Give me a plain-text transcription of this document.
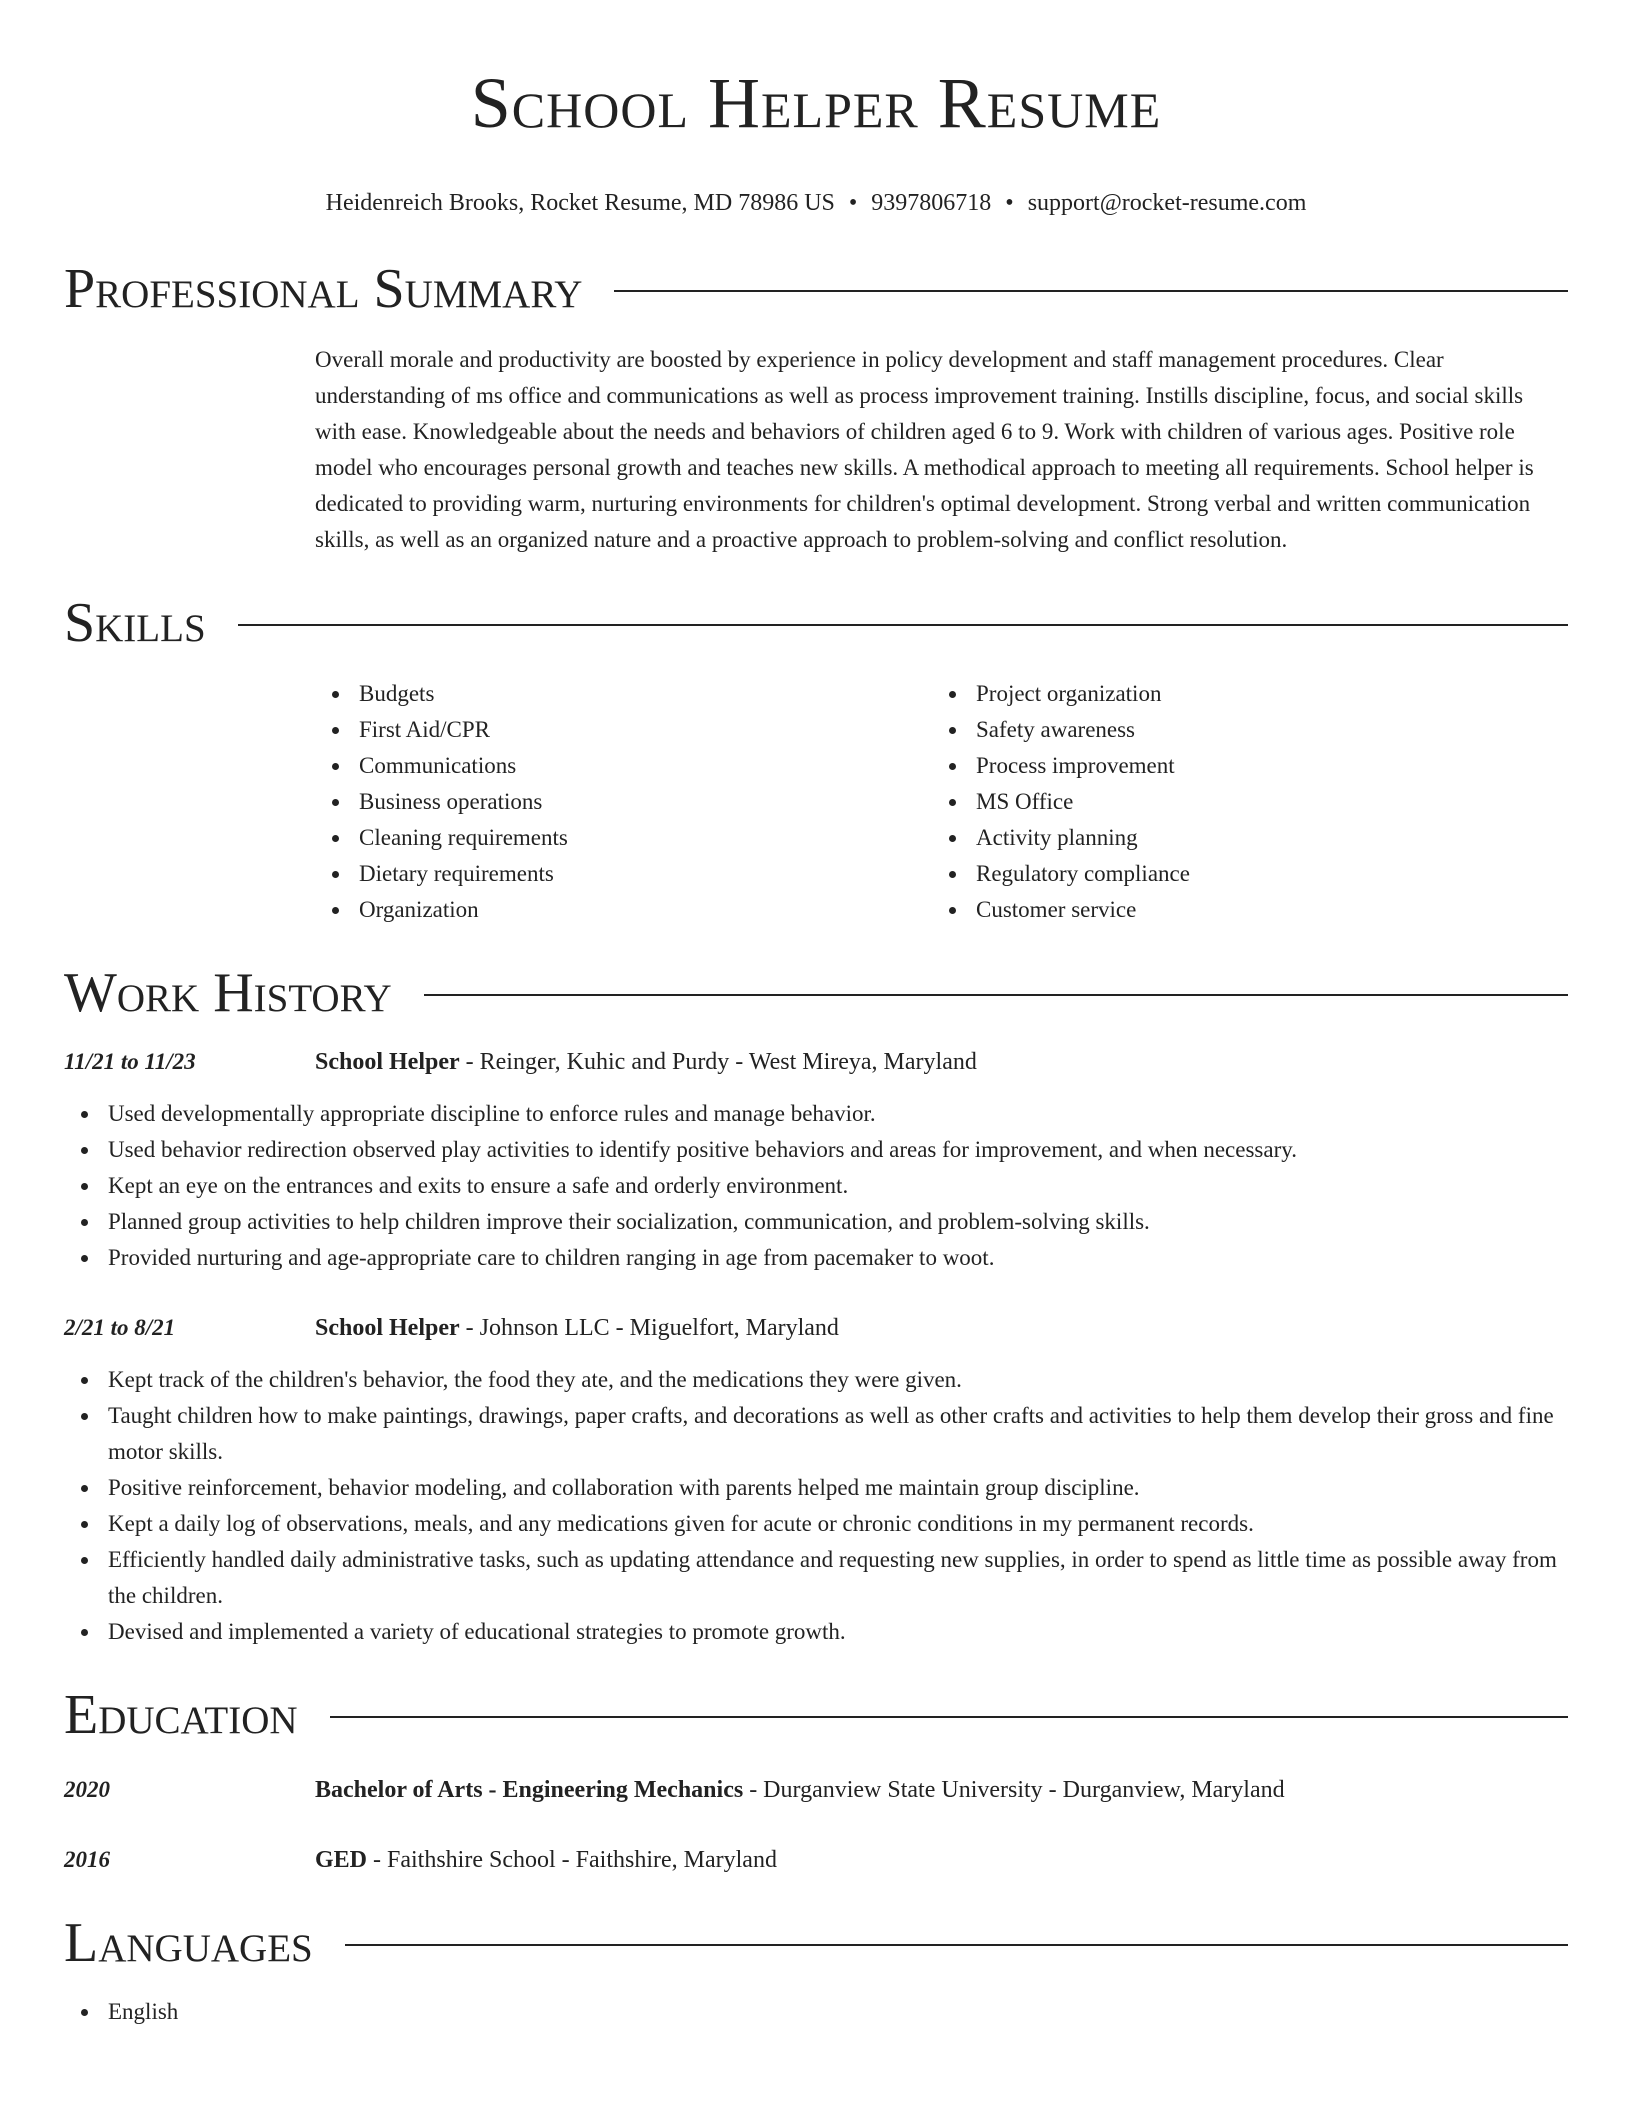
School Helper Resume
Heidenreich Brooks, Rocket Resume, MD 78986 US • 9397806718 • support@rocket-resume.com
Professional Summary
Overall morale and productivity are boosted by experience in policy development and staff management procedures. Clear understanding of ms office and communications as well as process improvement training. Instills discipline, focus, and social skills with ease. Knowledgeable about the needs and behaviors of children aged 6 to 9. Work with children of various ages. Positive role model who encourages personal growth and teaches new skills. A methodical approach to meeting all requirements. School helper is dedicated to providing warm, nurturing environments for children's optimal development. Strong verbal and written communication skills, as well as an organized nature and a proactive approach to problem-solving and conflict resolution.
Skills
Budgets
First Aid/CPR
Communications
Business operations
Cleaning requirements
Dietary requirements
Organization
Project organization
Safety awareness
Process improvement
MS Office
Activity planning
Regulatory compliance
Customer service
Work History
11/21 to 11/23	School Helper - Reinger, Kuhic and Purdy - West Mireya, Maryland
Used developmentally appropriate discipline to enforce rules and manage behavior.
Used behavior redirection observed play activities to identify positive behaviors and areas for improvement, and when necessary.
Kept an eye on the entrances and exits to ensure a safe and orderly environment.
Planned group activities to help children improve their socialization, communication, and problem-solving skills.
Provided nurturing and age-appropriate care to children ranging in age from pacemaker to woot.
2/21 to 8/21	School Helper - Johnson LLC - Miguelfort, Maryland
Kept track of the children's behavior, the food they ate, and the medications they were given.
Taught children how to make paintings, drawings, paper crafts, and decorations as well as other crafts and activities to help them develop their gross and fine motor skills.
Positive reinforcement, behavior modeling, and collaboration with parents helped me maintain group discipline.
Kept a daily log of observations, meals, and any medications given for acute or chronic conditions in my permanent records.
Efficiently handled daily administrative tasks, such as updating attendance and requesting new supplies, in order to spend as little time as possible away from the children.
Devised and implemented a variety of educational strategies to promote growth.
Education
2020	Bachelor of Arts - Engineering Mechanics - Durganview State University - Durganview, Maryland
2016	GED - Faithshire School - Faithshire, Maryland
Languages
English
